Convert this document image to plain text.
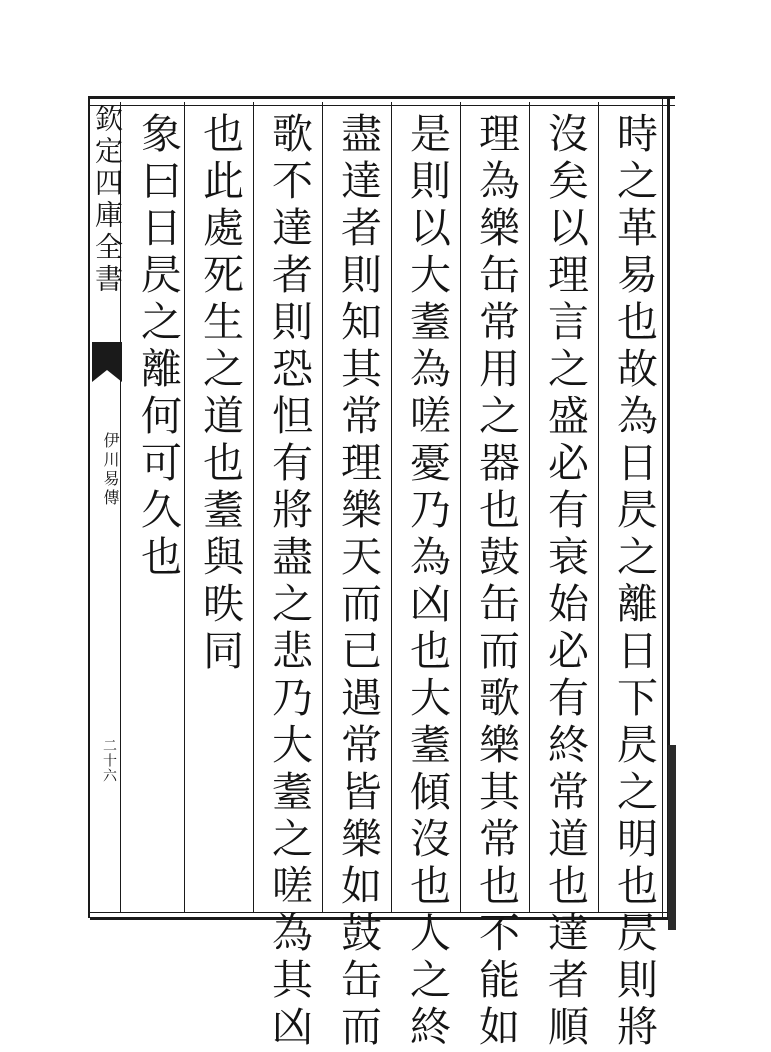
欽定四庫全書
伊川易傳
二十六	時之革易也故為日昃之離日下昃之明也昃則將
沒矣以理言之盛必有衰始必有終常道也達者順
理為樂缶常用之器也鼓缶而歌樂其常也不能如
是則以大耋為嗟憂乃為凶也大耋傾沒也人之終
盡達者則知其常理樂天而已遇常皆樂如鼓缶而
歌不達者則恐怛有將盡之悲乃大耋之嗟為其凶
也此處死生之道也耋與昳同
象曰日昃之離何可久也
